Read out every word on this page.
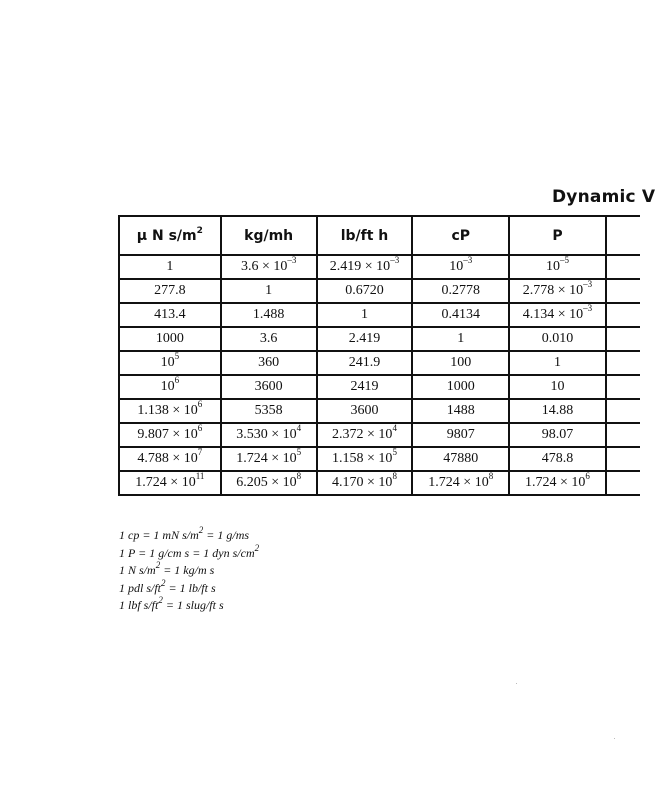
Dynamic V
µ N $s/m^2$	kg/mh	lb/ft h	cP	P	
1	$3.6 \times 10^{-3}$	$2.419 \times 10^{-3}$	$10^{-3}$	$10^{-5}$	
277.8	1	0.6720	0.2778	$2.778 \times 10^{-3}$	
413.4	1.488	1	0.4134	$4.134 \times 10^{-3}$	
1000	3.6	2.419	1	0.010	
$10^5$	360	241.9	100	1	
$10^6$	3600	2419	1000	10	
$1.138 \times 10^6$	5358	3600	1488	14.88	
$9.807 \times 10^6$	$3.530 \times 10^4$	$2.372 \times 10^4$	9807	98.07	
$4.788 \times 10^7$	$1.724 \times 10^5$	$1.158 \times 10^5$	47880	478.8	
$1.724 \times 10^{11}$	$6.205 \times 10^8$	$4.170 \times 10^8$	$1.724 \times 10^8$	$1.724 \times 10^6$	
1 cp = 1 mN $s/m^2 = 1$ g/ms
1 P = 1 g/cm s = 1 dyn $s/cm^2$
1 N $s/m^2 = 1$ kg/m s
1 pdl $s/ft^2 = 1$ lb/ft s
1 lbf $s/ft^2 = 1$ slug/ft s
